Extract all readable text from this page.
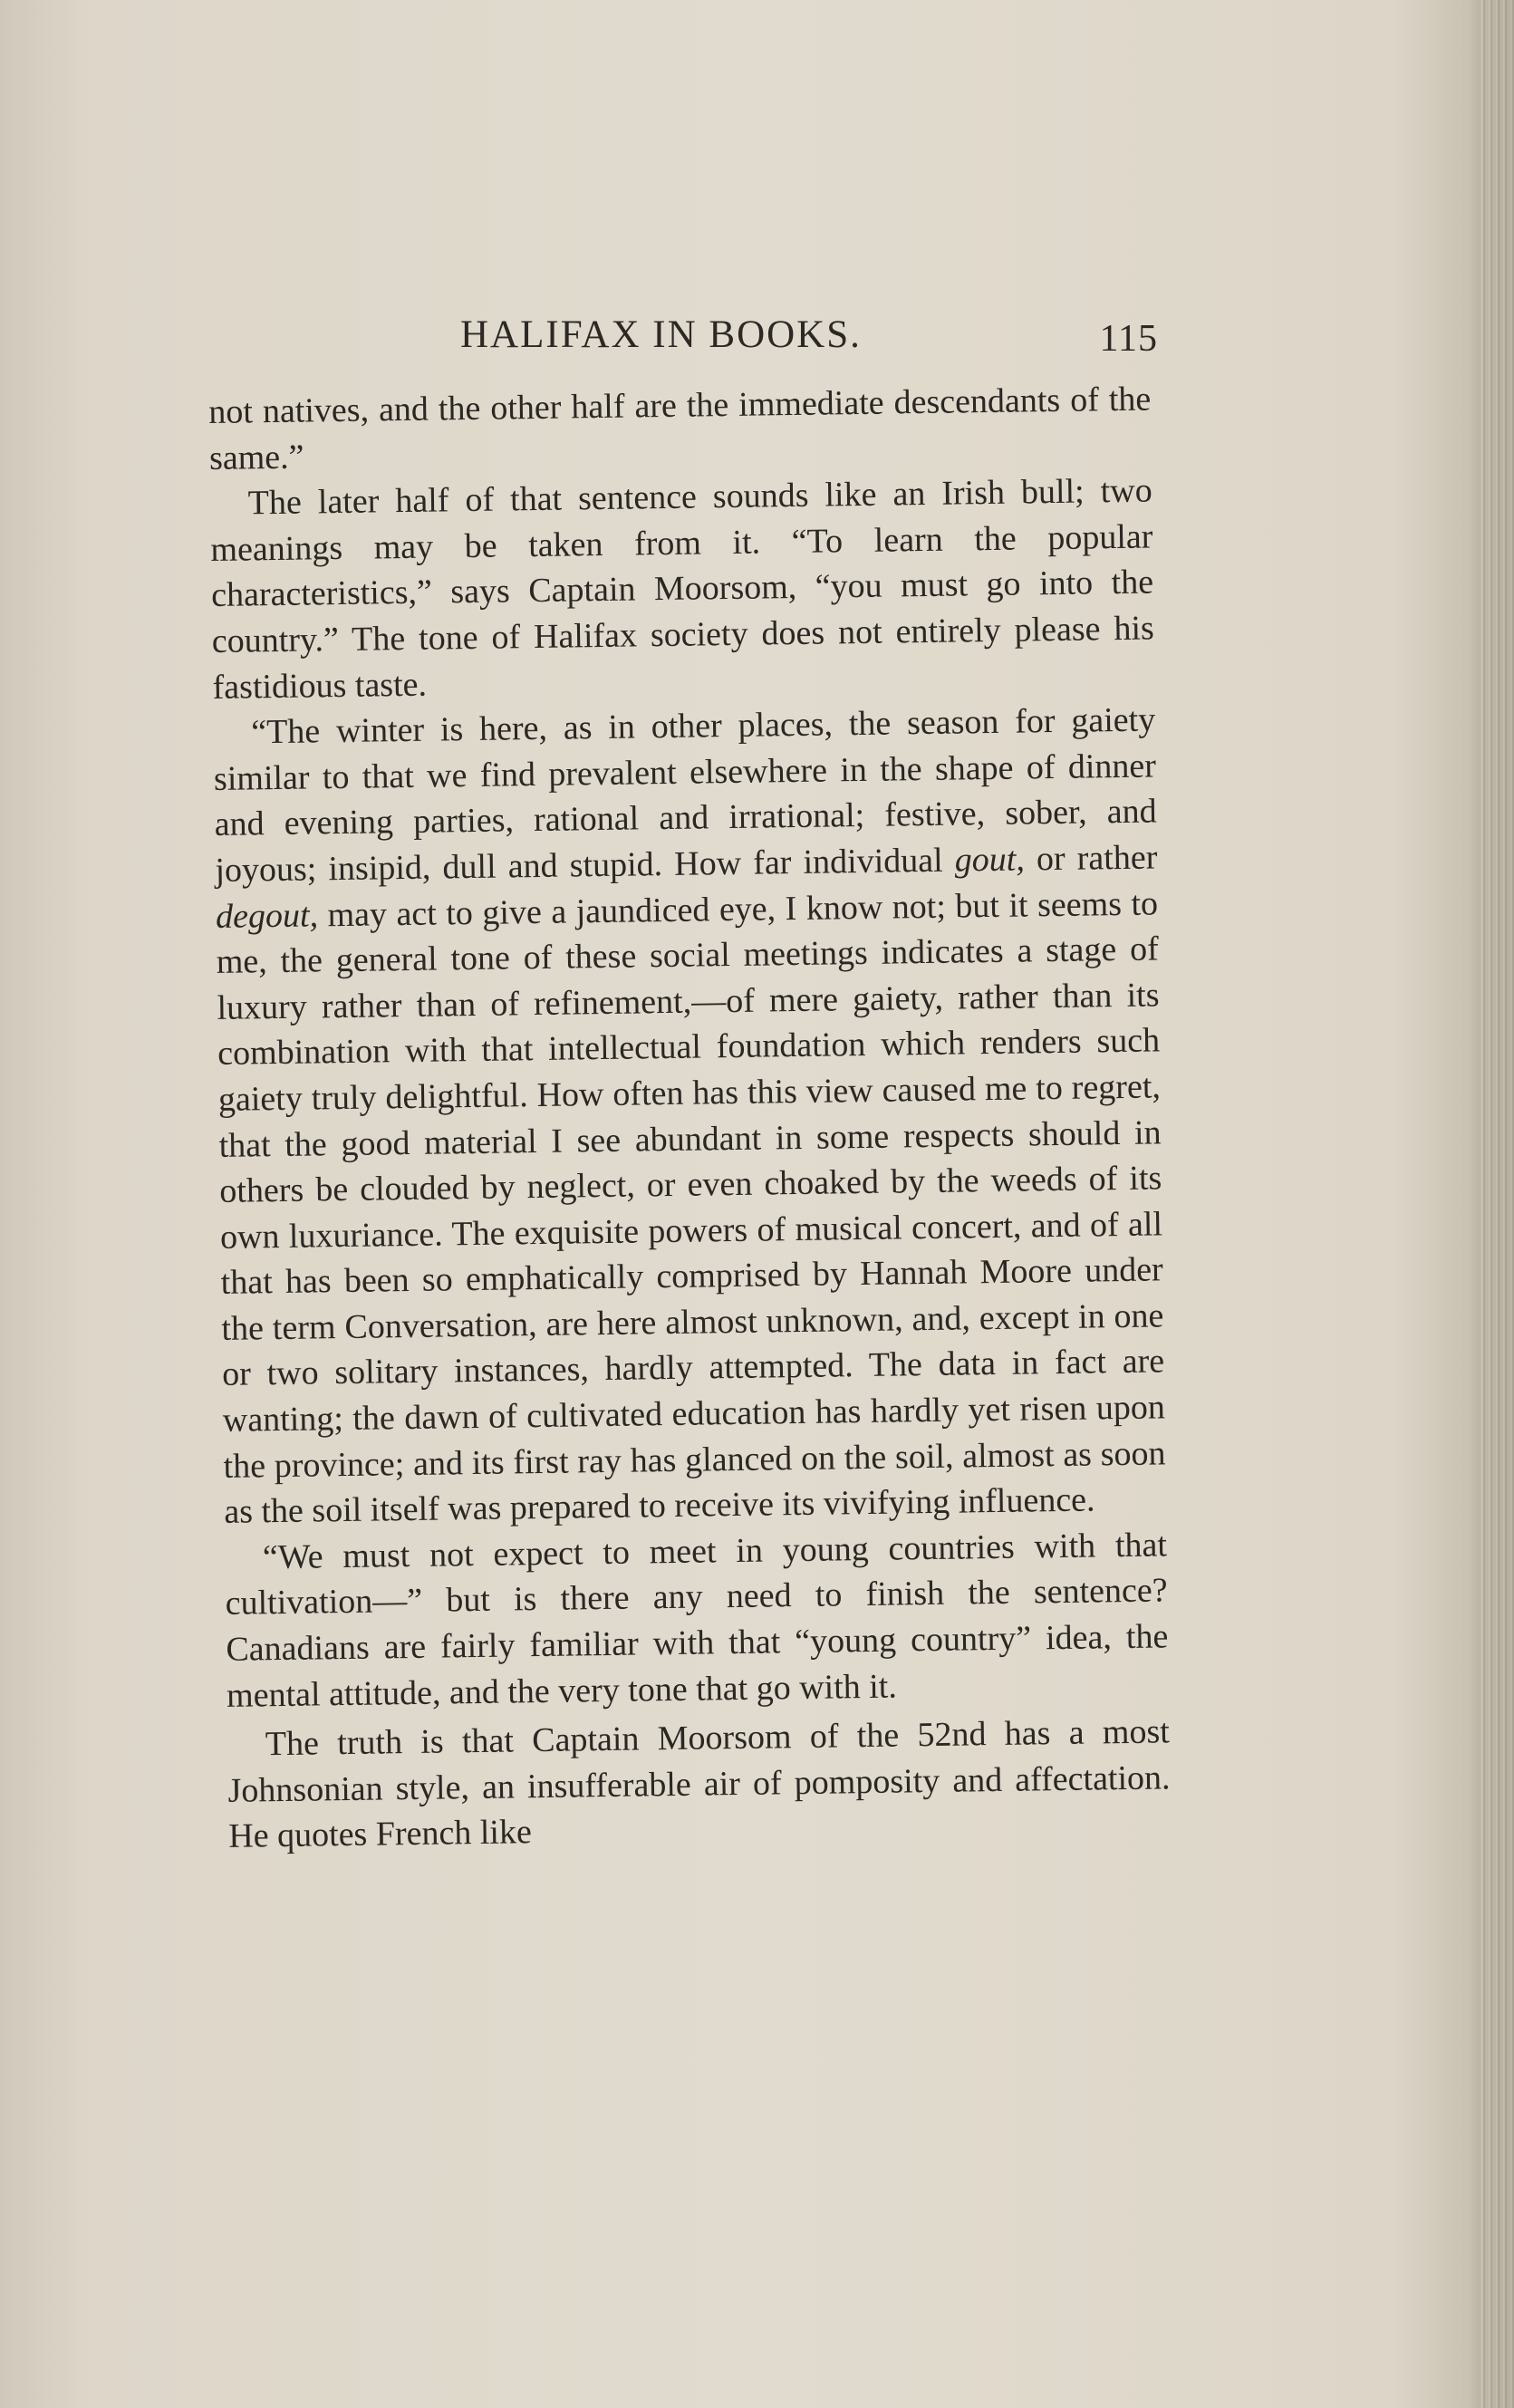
HALIFAX IN BOOKS.	115

not natives, and the other half are the immediate descendants of the same.”

The later half of that sentence sounds like an Irish bull; two meanings may be taken from it. “To learn the popular characteristics,” says Captain Moorsom, “you must go into the country.” The tone of Halifax society does not entirely please his fastidious taste.

“The winter is here, as in other places, the season for gaiety similar to that we find prevalent elsewhere in the shape of dinner and evening parties, rational and irrational; festive, sober, and joyous; insipid, dull and stupid. How far individual gout, or rather degout, may act to give a jaundiced eye, I know not; but it seems to me, the general tone of these social meetings indicates a stage of luxury rather than of refinement,—of mere gaiety, rather than its combination with that intellectual foundation which renders such gaiety truly delightful. How often has this view caused me to regret, that the good material I see abundant in some respects should in others be clouded by neglect, or even choaked by the weeds of its own luxuriance. The exquisite powers of musical concert, and of all that has been so emphatically comprised by Hannah Moore under the term Conversation, are here almost unknown, and, except in one or two solitary instances, hardly attempted. The data in fact are wanting; the dawn of cultivated education has hardly yet risen upon the province; and its first ray has glanced on the soil, almost as soon as the soil itself was prepared to receive its vivifying influence.

“We must not expect to meet in young countries with that cultivation—” but is there any need to finish the sentence? Canadians are fairly familiar with that “young country” idea, the mental attitude, and the very tone that go with it.

The truth is that Captain Moorsom of the 52nd has a most Johnsonian style, an insufferable air of pomposity and affectation. He quotes French like
